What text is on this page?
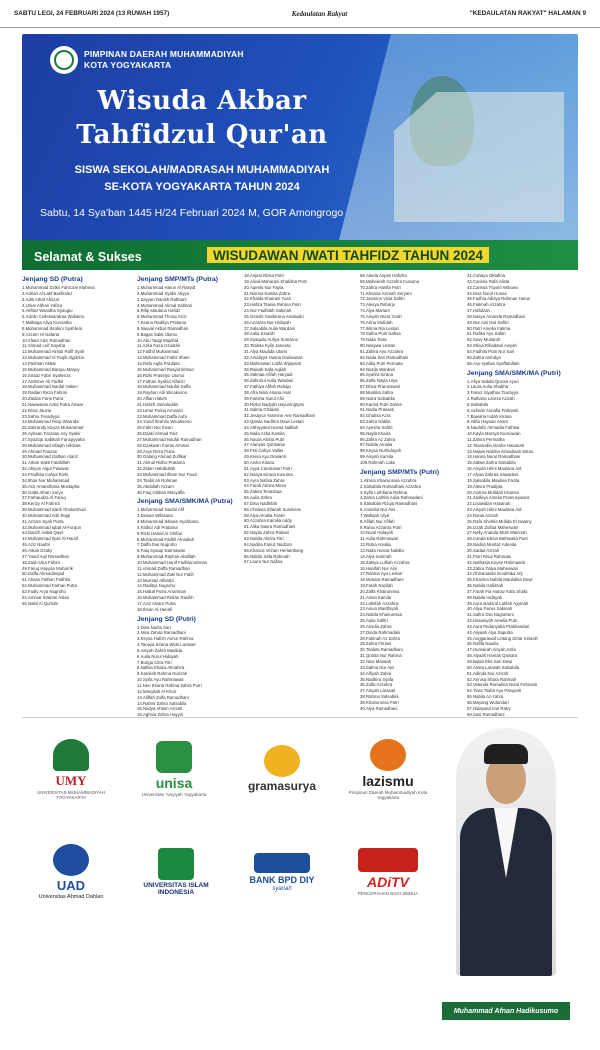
SABTU LEGI, 24 FEBRUARI 2024 (13 RUWAH 1957)	Kedaulatan Rakyat	"KEDAULATAN RAKYAT" HALAMAN 9
PIMPINAN DAERAH MUHAMMADIYAH
KOTA YOGYAKARTA
Wisuda Akbar
Tahfidzul Qur'an
SISWA SEKOLAH/MADRASAH MUHAMMADIYAH
SE-KOTA YOGYAKARTA TAHUN 2024
Sabtu, 14 Sya'ban 1445 H/24 Februari 2024 M, GOR Amongrogo
Selamat & Sukses	WISUDAWAN /WATI TAHFIDZ TAHUN 2024
Jenjang SD (Putra)
1.Muhammad Dzikri Fahrozie Mahesa
2.Adrian Al-Latif Basfindez
3.Aditi Athaf Afnizar
4.Umar Althan Yafiza
5.Akhtar Wasidha Syaugiu
6.Adzan Cellessandraa Widiatno
7.Malkaga Aliya Kurniatha
8.Muhammad Ibrahim Syahfeat
9.Azzam Hi Nafarta
10.Irfaan Adzi Ramadhan
11.Ahmad Leif Sayaha
12.Muhammad Almail Rafif Syah
13.Muhammad Al Faqih Algdzha
14.Pashtan Akbar
15.Muhammad Barayu Marjuy
16.Siraaz Fabri Syahreza
17.Arahmer Ali Fadhil
18.Muhammad Naufal Hakim
19.Radian Reza Fahrini
20.Zaidan Faris Putra
21.Nawwaras Azka Putra Anwar
22.Rizqi Jauzia
23.Sahru Faradiyya
24.Muhammad Rizqi Wiranda
25.Zahrandy Kauza Muhammad
26.Ayhaan Farzaan Asy Syakir
27.Syaziqa Sabikah Faruqiyyaha
28.Muhammad Alfaqih Hifdzaa
29.Ahmad Fauzan
30.Muhammad Gathan Atariz
31.Arkan Sakti Fatahillah
32.Abiyan Alqur Fawwaz
33.Pradhita Cahya Rizki
34.Ilhan Nur Muhammad
35.Arzi Amandhana Mustapha
36.Gatta Afnan Suryo
37.Farhaudza Al Faruq
38.Kenzy Al Fahrezi
39.Muhammad Sardi Ghulamhuzi
40.Muhammad Arbi Riqqi
41.Azzam Syah Putra
42.Muhammad Iqbal Al-Furqon
43.Darizh Aabid Qays
44.Muhammad Ilyas Al-Haniif
45.Aziz Naufal
46.Arkan Dzaky
47.Yusuf Aqil Ramadhan
48.Zaid Azka Fahim
49.Faruq Hayyan Muharrik
50.Daffa Ahmadinejad
51.Ahsan Fathan Fadhila
52.Muhammad Farhan Putra
53.Fadly Arya Nugroho
54.Ammar Ibrahim Aslan
55.Nabil Al Qurtubi
Jenjang SMP/MTs (Putra)
1.Muhammad Harun Al Rasyid
2.Muhammad Syakir Atiyya
3.Zayyan Danish Rabbani
4.Muhammad Akmal Sabhan
5.Rifqi Maulana Hafidz
6.Muhammad Thoriq Azizi
7.Keanu Raditya Pratama
8.Nauval Akbar Ramadhan
9.Bagas Sakti Utomo
10.Abu Taqqi Mujahid
11.Azka Faza Izzuddin
12.Fadhil Muhammad
13.Muhammad Fathir Ilham
14.Rafa Aqila Pradipta
15.Muhammad Rasyid Ikhsan
16.Rizki Prasetyo Utomo
17.Fathan Syahid Alfarizi
18.Muhammad Naufal Daffa
19.Rayhan Adi Wicaksono
20.Alfian Hakim
21.Hafizh Jamaluddin
22.Umar Faruq Arrosyid
23.Muhammad Daffa Aufa
24.Yusuf Ibrahim Wicaksono
25.Fahri Nur Ihsan
26.Dzaki Ahmad Faiz
27.Muhammad Naufal Ramadhan
28.Dzakwan Farras Ammar
29.Arya Reza Putra
30.Galang Ahmad Zulfikar
31.Akmal Ridho Pratama
32.Zidan Habibullah
33.Muhammad Ilham Nur Fauzi
34.Tsabit Ali Rohman
35.Abdullah Azzam
36.Faiq Hibban Musyaffa
Jenjang SMA/SMK/MA (Putra)
1.Muhammad Naufal Afif
2.Dewan Wibisana
3.Muhammad Ikhwan Syahbana
4.Fathur Adi Pratama
5.Rizki Hamid Al Ghifari
6.Muhammad Fadhil Amrullah
7.Daffa Dwi Nugroho
8.Faiq Syauqi Darmawan
9.Muhammad Rayhan Abdillah
10.Muhammad Hanif Fadhlurrahman
11.Ahmad Daffa Ramadhan
12.Muhammad Zaki Nur Fatih
13.Mumtaz Alfarabi
14.Raditya Nugroho
15.Haikal Putra Arrahman
16.Muhammad Reifan Rasikh
17.Aziz Alvaro Putra
18.Ihsan Al-Hanafi
Jenjang SD (Putri)
1.Dina Nurlia Sari
2.Nisa Zahira Ramadhani
3.Keysa Hafizh Annur Rahma
4.Tanaya Kirana Wida Larasati
5.Aisyah Zahra Maulida
6.Aulia Nurul Hidayah
7.Bunga Citra Fitri
8.Nafisa Khaira Almahira
9.Kamilah Rahma Nurizah
10.Syifa Ayu Rahmawati
11.Nen Kirana Rahma Zahra Putri
12.Masyitah Al Khoir
13.Aliffah Zulfa Ramadhani
14.Rahmi Zahra Salsabila
15.Nadya Ahlam Azizah
16.Aghnia Zahra Hayyin
18.Anjani Rizka Putri
19.Alivia Maharani Khalisha Putri
20.Aqeela Nur Fajria
21.Nisrina Kamila Zahra
22.Khalda Khairani Yusri
23.Hafiza Tsania Rahma Putri
24.Nur Fadhilah Sakinah
25.Gendiz Sasikirana Amaludin
26.Azzahra Nur Hidayah
27.Salsabila Aulia Wardani
28.Aulia Kinasih
29.Syaquila Aufiya Sumarno
30.Tsabita Kylie Janeeta
31.Alya Maulida Utami
32.Arsaliyya Husna Daniswara
33.Maheswari Latifa Wijayanti
34.Raisah Safa Aqilah
35.Salmaa Afifah Haryadi
36.Zahrotul Aulia Wardani
37.Fathiya Afifah Rahajo
38.Afra Nala Ariana Asal
39.Farisha Nurul Afni
40.Rizka Nadyah Hayuningtyas
41.Salma Ghaliani
42.Jesayca Yasmine Arie Ramadhani
43.Qanita Nadhira Dewi Lestari
44.Atthiyyatul Husna Nafilah
45.Naila Azka Kamila
46.Naura Alisha Putri
47.Alanyas Qonitania
48.Fitri Cahya Vallas
49.Keisa Ayu Dewanti
50.Aisha Kirana
51.Ayya Candrasari Putri
52.Nasya Kirana Kusuma
53.Ayra Nafisa Zahra
54.Farah Almira Meza
55.Zakira Tenazbaa
56.Aulia Zahra
57.Dina Nadhifah
58.Chelsea Zifanah Sunderas
59.Alya Amalia Farah
60.Azzahra Kamilia Addy
61.Alika Naura Ramadhani
62.Nayila Zahra Rabani
63.Nabila Almira Fitri
64.Nadira Fairuz Nadzira
65.Khanza Vezian Herlambang
66.Nabila Safa Rahmah
67.Laura Nur Nafisa
68.Aleeta Anjani Hafizha
69.Maheerah Azzahra Kusuma
70.Zahra Hanifa Putri
71.Khansa Azimah Suryani
72.Jasmine Vivia Safitri
73.Alesya Raharjo
74.Alya Mariam
75.Aisyah Nurul Izzah
76.Arina Mufidah
77.Iklima Ria Lestari
78.Safira Putri Nafisa
79.Naila Tiara
80.Nasywa Lestari
81.Zahira Ayu Azzahra
82.Nada Sari Ramadhani
83.Alika Putri Permata
84.Nazila Wardani
85.Syafira Kirana
86.Zalfa Nayla Ulya
87.Dhea Prameswari
88.Mustika Safira
89.Naira Salsabila
90.Karina Putri Zahira
91.Nadia Prasasti
92.Ghaitsa Azra
93.Zahra Nabila
94.Ayesha Safitri
95.Nayla Khaira
96.Zafira Az Zahra
97.Nabila Amalia
98.Keysa Nurhidayah
99.Aisyah Kamila
100.Rahmah Laila
Jenjang SMP/MTs (Putri)
1.Almira Khairunnisa Azzahra
2.Salsabila Ramadhani Azzahra
3.Syifa Luthfiana Rahma
4.Zahra Lathifa Aulia Rahmadani
5.Salsabila Rizqia Ramadhani
6.Anindita Nur Aini
7.Wafiqah Ulya
8.Afifah Nur Afifah
9.Rania Azzahra Putri
10.Nurul Hidayah
11.Aulia Rahmawati
12.Rizka Amalia
13.Naila Husna Nabilla
14.Alya Karimah
15.Zakiya Lutfiah Azzahra
16.Hanifah Nur Aini
17.Rahma Ayu Lestari
18.Mutiara Ramadhani
19.Farah Nazilah
20.Zalfa Khairunnisa
21.Anisa Kamila
22.Lathifah Azzahra
23.Ainun Mardhiyah
24.Nabila Khairunnisa
25.Aulia Safitri
26.Amelia Zahra
27.Dinda Rahmadani
28.Fatimah Az Zahra
29.Zahra Fitriani
30.Tsabita Ramadhani
31.Qonita Nur Rahma
32.Nisa Marwah
33.Salma Nur Aini
34.Alfiyah Zahra
35.Nadhira Syafa
36.Zulfa Azzahra
37.Aisyah Larasati
38.Rahma Salsabila
39.Khairunnisa Putri
40.Alya Ramadhani
41.Cahaya Oktafina
42.Carissa Rafa Alista
43.Carissa Triputri Wibowo
44.Diva Nurul Husna
45.Fadhia Adisya Rahman Harun
46.Fatimah Azzahra
47.Hafidzah
48.Nasya Amanda Ramadhani
49.Nur Aini Dwi Safitri
50.Putri Amelia Fatima
51.Rafika Ayu Safitri
52.Sovy Mutiaroh
53.Shiva Rihadatul Aisyah
54.Fadhila Putri Nur Sari
55.Zahra Anindya
56.Asy-syafwa Syaffatullain
Jenjang SMA/SMK/MA (Putri)
1.Afiya Sabda Qurota Ayun
2.Laura Aulia Shabha
3.Fairuz Siyathus Tsurayya
4.Raihana Lareza Azizah
5.Salsabila
6.Aidinda Annafia Febrianti
7.Bawaha Indah Kirana
8.Alifia Hayuan Anam
9.Naufaliz Ahmadia Fathwa
10.Kayla Marsya Kurniawan
11.Zahira Permatha
12.Tsarandia Alesha Hasanah
13.Najwa Nabiha Almadinah Situru
14.Hanna Nurul Ramadhani
15.Salwa Zahra Salsabila
16.Aisyah Hilmi Maulana Adi
17.Alyaa Zahraa Irawadeni
18.Salsabila Maulina Fazila
19.Almira Pradipta
20.Azarna Mufidah Kharisa
21.Zaskiya Amelia Pramusywara
22.Lisawidan Hasanah
23.Aisyah Hilmi Maulana Adi
24.Rania Azizah
25.Rafa Shohila Mufida El Isaamy
26.Izzah Zulfaa Maheswari
27.Nelly Ananda Muth Mainnah
28.Canda Elena Bathwatia Putri
29.Nadira Muntaz Adenita
30.Sadaa Azizah
31.Putri Risqi Rahmala
32.Nathasia Keyse Rahmaanti
33.Zahra Tsilya Maheswari
34.Ghinanastiti Ismahtika Arij
35.Khairina Nabila Maulidina Dewi
36.Nabila Hafidzah
37.Farah Fia Hanaz Kafa Shafa
38.Nabila Hidayah
39.Aura Nadzrul Latifah Ayyinah
40.Aliya Fairus Sakinah
41.Safira Dwi Nugraheni
42.Hasuniyah Amelia Putri
43.Aura Pedanyaka Prabhandari
44.Aliyaah Alya Saputra
45.Anggarawaf Lintang Dinar Kinasih
46.Rafifa Nauilia
47.Humairah Aisyah Azila
48.Alyaah Hamas Qaisara
49.Bulan Eka Sari Dewi
50.Amita Larasati Salsabila
51.Adinda Nur Azizah
52.Annisa Shara Rahmah
53.Valenda Rumalina Nurul Febrianti
54.Tiara Tsabit Ayu Pangesti
55.Nabila Az-zahra
56.Mayang Wulandari
57.Hidayatul Ime Ratry
58.Susi Ramadhani
UMY
UNIVERSITAS MUHAMMADIYAH YOGYAKARTA
unisa
Universitas 'Aisyiyah Yogyakarta
gramasurya	lazismu
Pimpinan Daerah Muhammadiyah Kota Yogyakarta
UAD
Universitas Ahmad Dahlan
UNIVERSITAS ISLAM INDONESIA
BANK BPD DIY
syariah	ADiTV
PENCERAHAN BAGI SEMUA
Muhammad Afnan Hadikusumo
